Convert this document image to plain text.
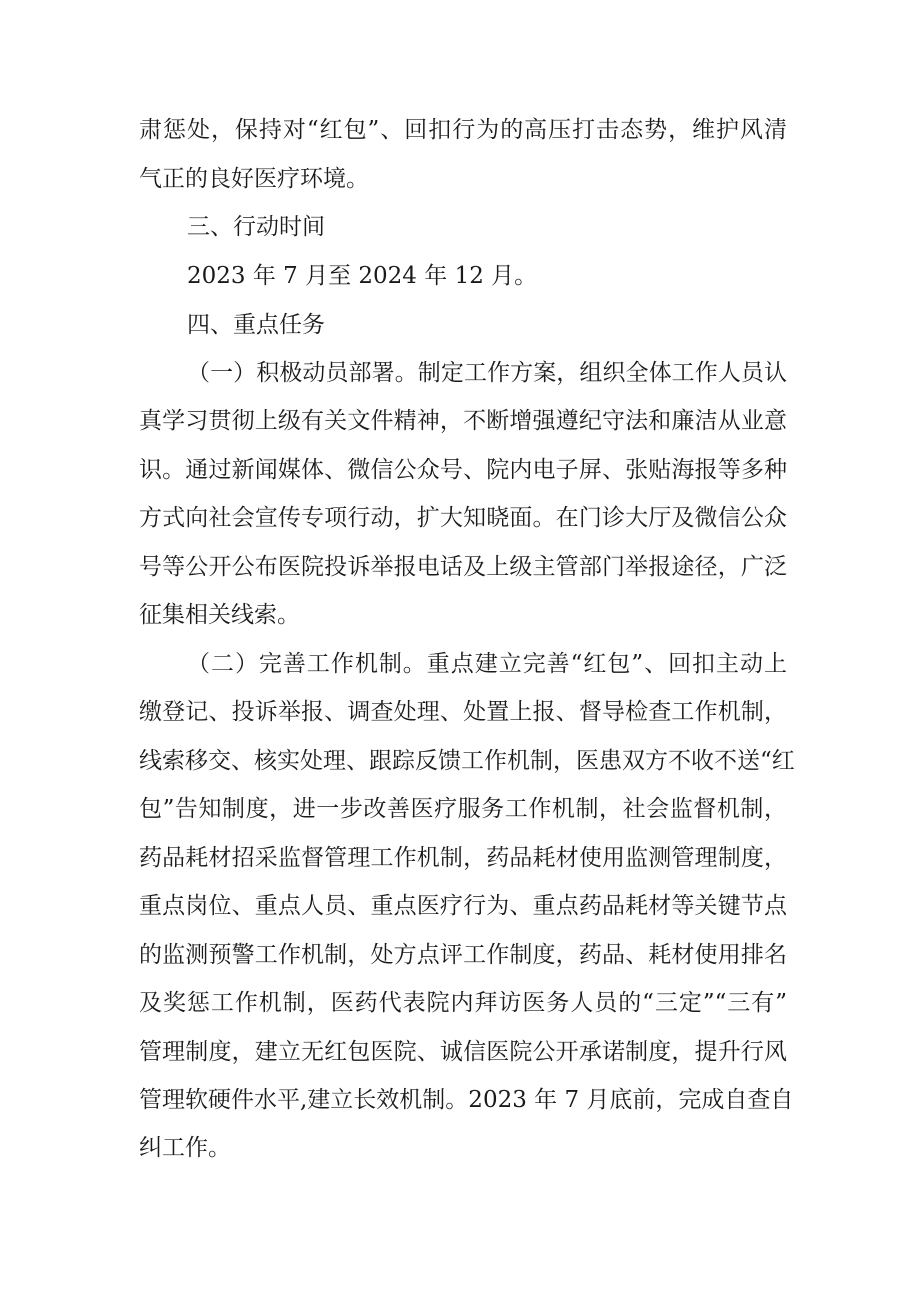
肃惩处，保持对“红包”、回扣行为的高压打击态势，维护风清
气正的良好医疗环境。
三、行动时间
2023 年 7 月至 2024 年 12 月。
四、重点任务
（一）积极动员部署。制定工作方案，组织全体工作人员认
真学习贯彻上级有关文件精神，不断增强遵纪守法和廉洁从业意
识。通过新闻媒体、微信公众号、院内电子屏、张贴海报等多种
方式向社会宣传专项行动，扩大知晓面。在门诊大厅及微信公众
号等公开公布医院投诉举报电话及上级主管部门举报途径，广泛
征集相关线索。
（二）完善工作机制。重点建立完善“红包”、回扣主动上
缴登记、投诉举报、调查处理、处置上报、督导检查工作机制，
线索移交、核实处理、跟踪反馈工作机制，医患双方不收不送“红
包”告知制度，进一步改善医疗服务工作机制，社会监督机制，
药品耗材招采监督管理工作机制，药品耗材使用监测管理制度，
重点岗位、重点人员、重点医疗行为、重点药品耗材等关键节点
的监测预警工作机制，处方点评工作制度，药品、耗材使用排名
及奖惩工作机制，医药代表院内拜访医务人员的“三定”“三有”
管理制度，建立无红包医院、诚信医院公开承诺制度，提升行风
管理软硬件水平,建立长效机制。2023 年 7 月底前，完成自查自
纠工作。
